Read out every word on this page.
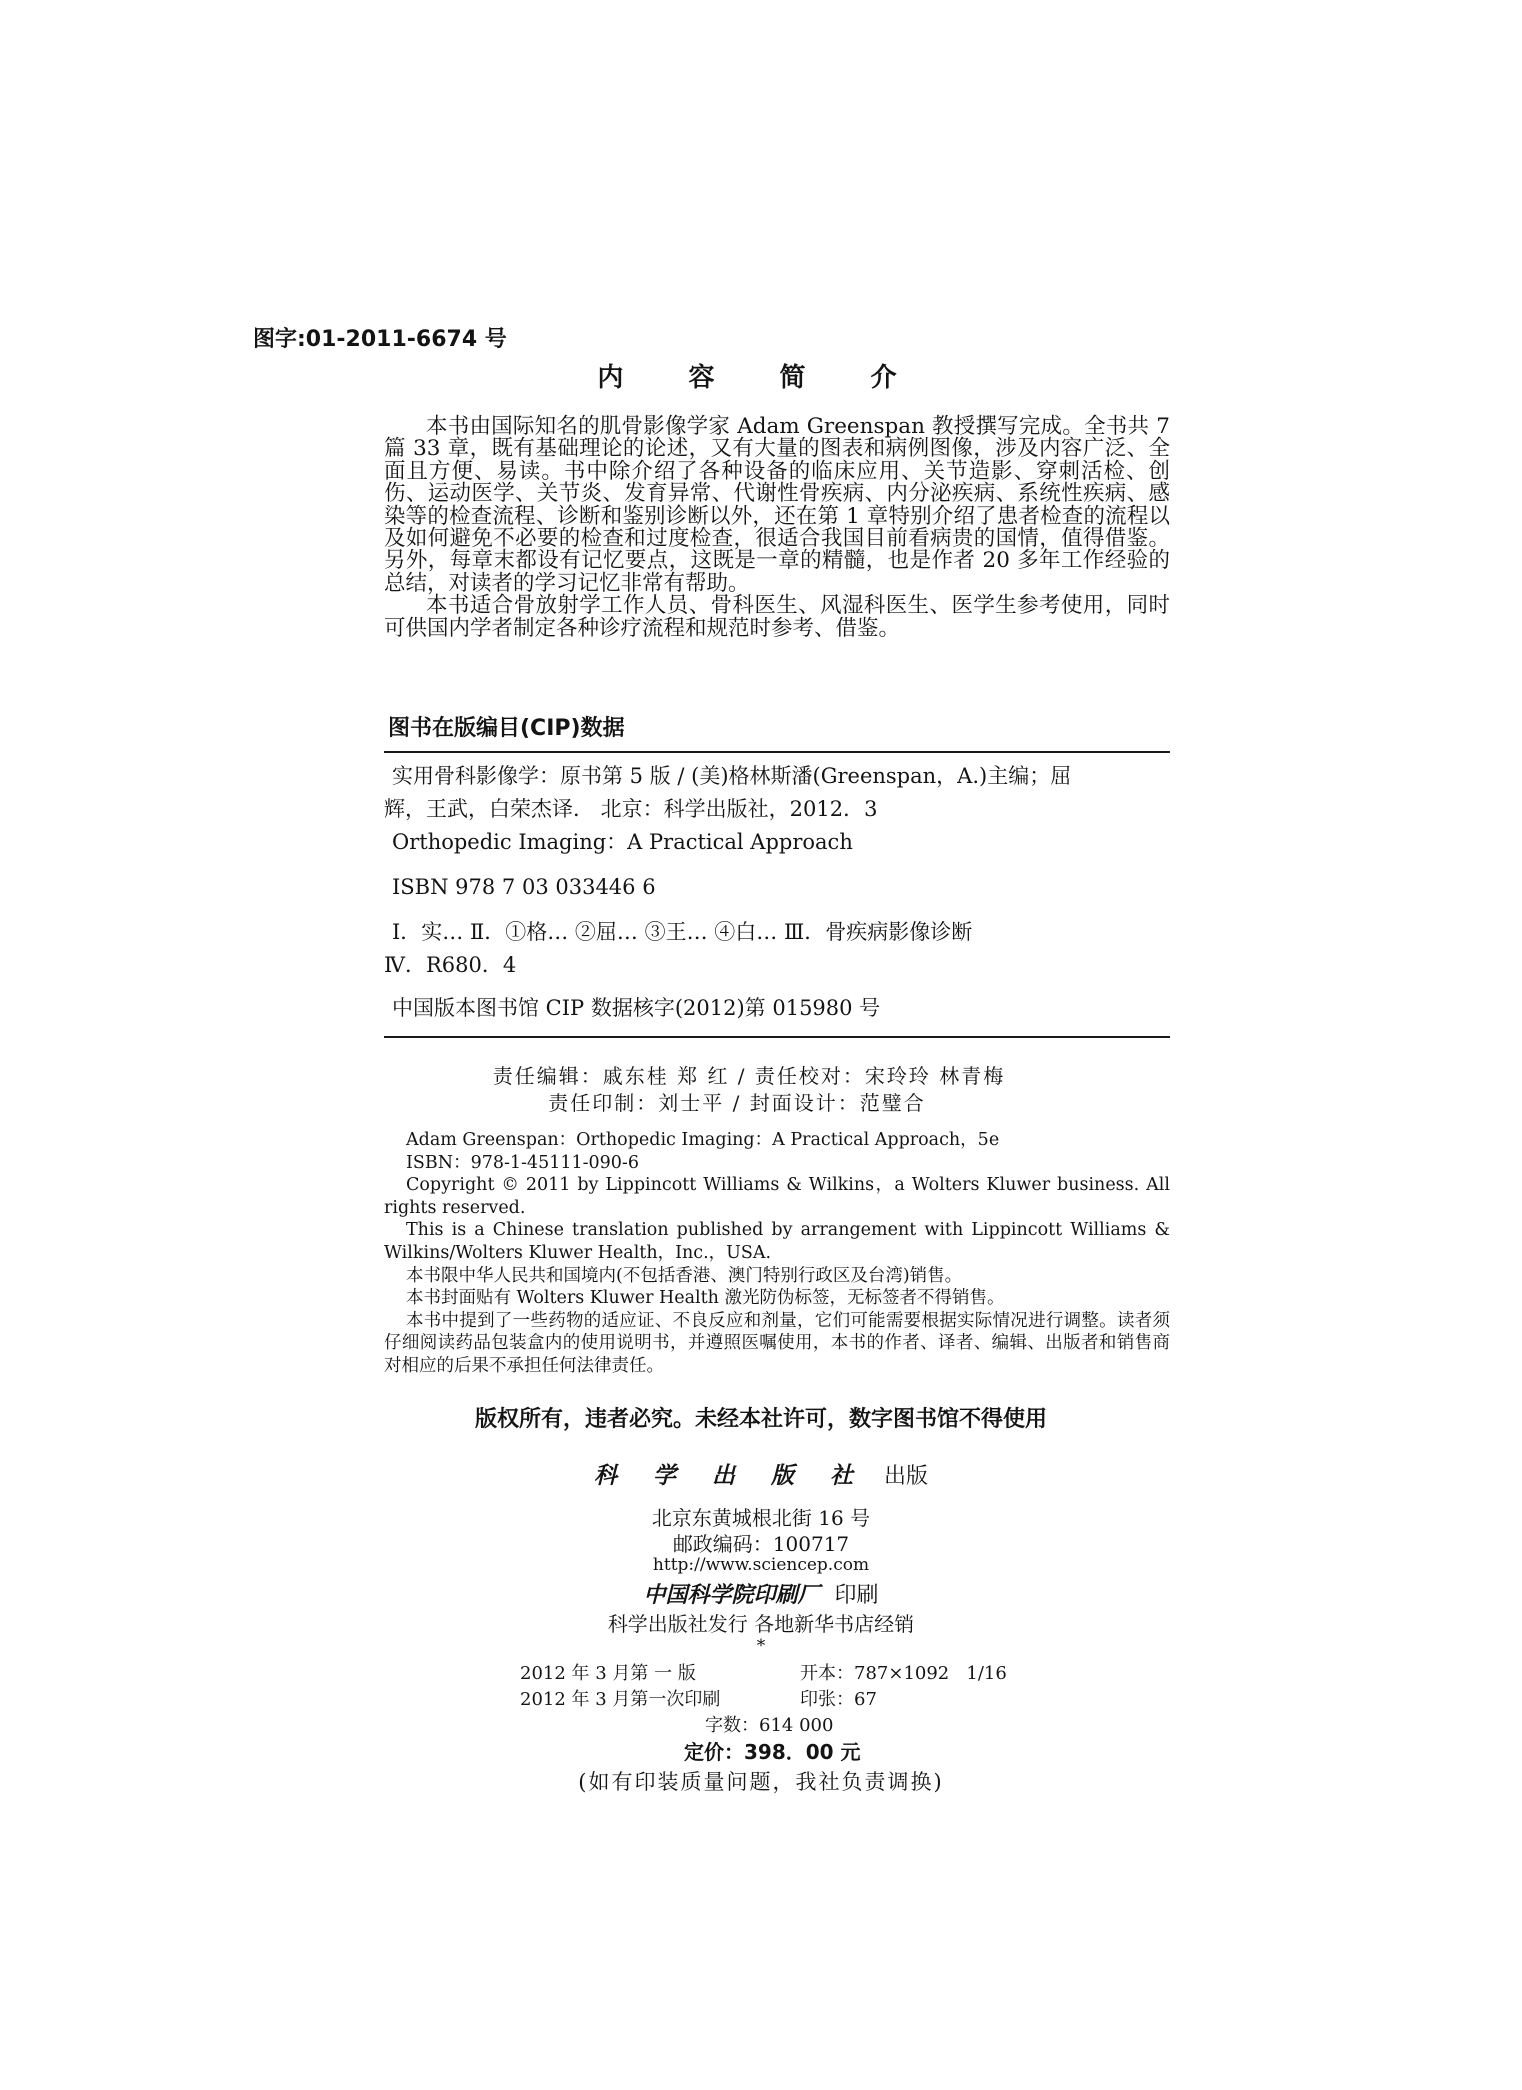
图字:01-2011-6674 号
内 容 简 介

本书由国际知名的肌骨影像学家 Adam Greenspan 教授撰写完成。全书共 7 篇 33 章，既有基础理论的论述，又有大量的图表和病例图像，涉及内容广泛、全面且方便、易读。书中除介绍了各种设备的临床应用、关节造影、穿刺活检、创伤、运动医学、关节炎、发育异常、代谢性骨疾病、内分泌疾病、系统性疾病、感染等的检查流程、诊断和鉴别诊断以外，还在第 1 章特别介绍了患者检查的流程以及如何避免不必要的检查和过度检查，很适合我国目前看病贵的国情，值得借鉴。另外，每章末都设有记忆要点，这既是一章的精髓，也是作者 20 多年工作经验的总结，对读者的学习记忆非常有帮助。

本书适合骨放射学工作人员、骨科医生、风湿科医生、医学生参考使用，同时可供国内学者制定各种诊疗流程和规范时参考、借鉴。

图书在版编目(CIP)数据

实用骨科影像学：原书第 5 版 / (美)格林斯潘(Greenspan，A.)主编；屈

辉，王武，白荣杰译． 北京：科学出版社，2012．3

Orthopedic Imaging：A Practical Approach

ISBN 978 7 03 033446 6

Ⅰ．实… Ⅱ．①格… ②屈… ③王… ④白… Ⅲ．骨疾病影像诊断

Ⅳ．R680．4

中国版本图书馆 CIP 数据核字(2012)第 015980 号

责任编辑：戚东桂 郑 红 / 责任校对：宋玲玲 林青梅
责任印制：刘士平 / 封面设计：范璧合

Adam Greenspan：Orthopedic Imaging：A Practical Approach，5e

ISBN：978-1-45111-090-6

Copyright © 2011 by Lippincott Williams & Wilkins，a Wolters Kluwer business. All rights reserved.

This is a Chinese translation published by arrangement with Lippincott Williams & Wilkins/Wolters Kluwer Health，Inc.，USA.

本书限中华人民共和国境内(不包括香港、澳门特别行政区及台湾)销售。

本书封面贴有 Wolters Kluwer Health 激光防伪标签，无标签者不得销售。

本书中提到了一些药物的适应证、不良反应和剂量，它们可能需要根据实际情况进行调整。读者须仔细阅读药品包装盒内的使用说明书，并遵照医嘱使用，本书的作者、译者、编辑、出版者和销售商对相应的后果不承担任何法律责任。

版权所有，违者必究。未经本社许可，数字图书馆不得使用
科 学 出 版 社 出版
北京东黄城根北街 16 号
邮政编码：100717
http://www.sciencep.com
中国科学院印刷厂 印刷
科学出版社发行 各地新华书店经销
*
2012 年 3 月第 一 版	开本：787×1092   1/16
2012 年 3 月第一次印刷	印张：67
字数：614 000
定价：398．00 元
(如有印装质量问题，我社负责调换)
